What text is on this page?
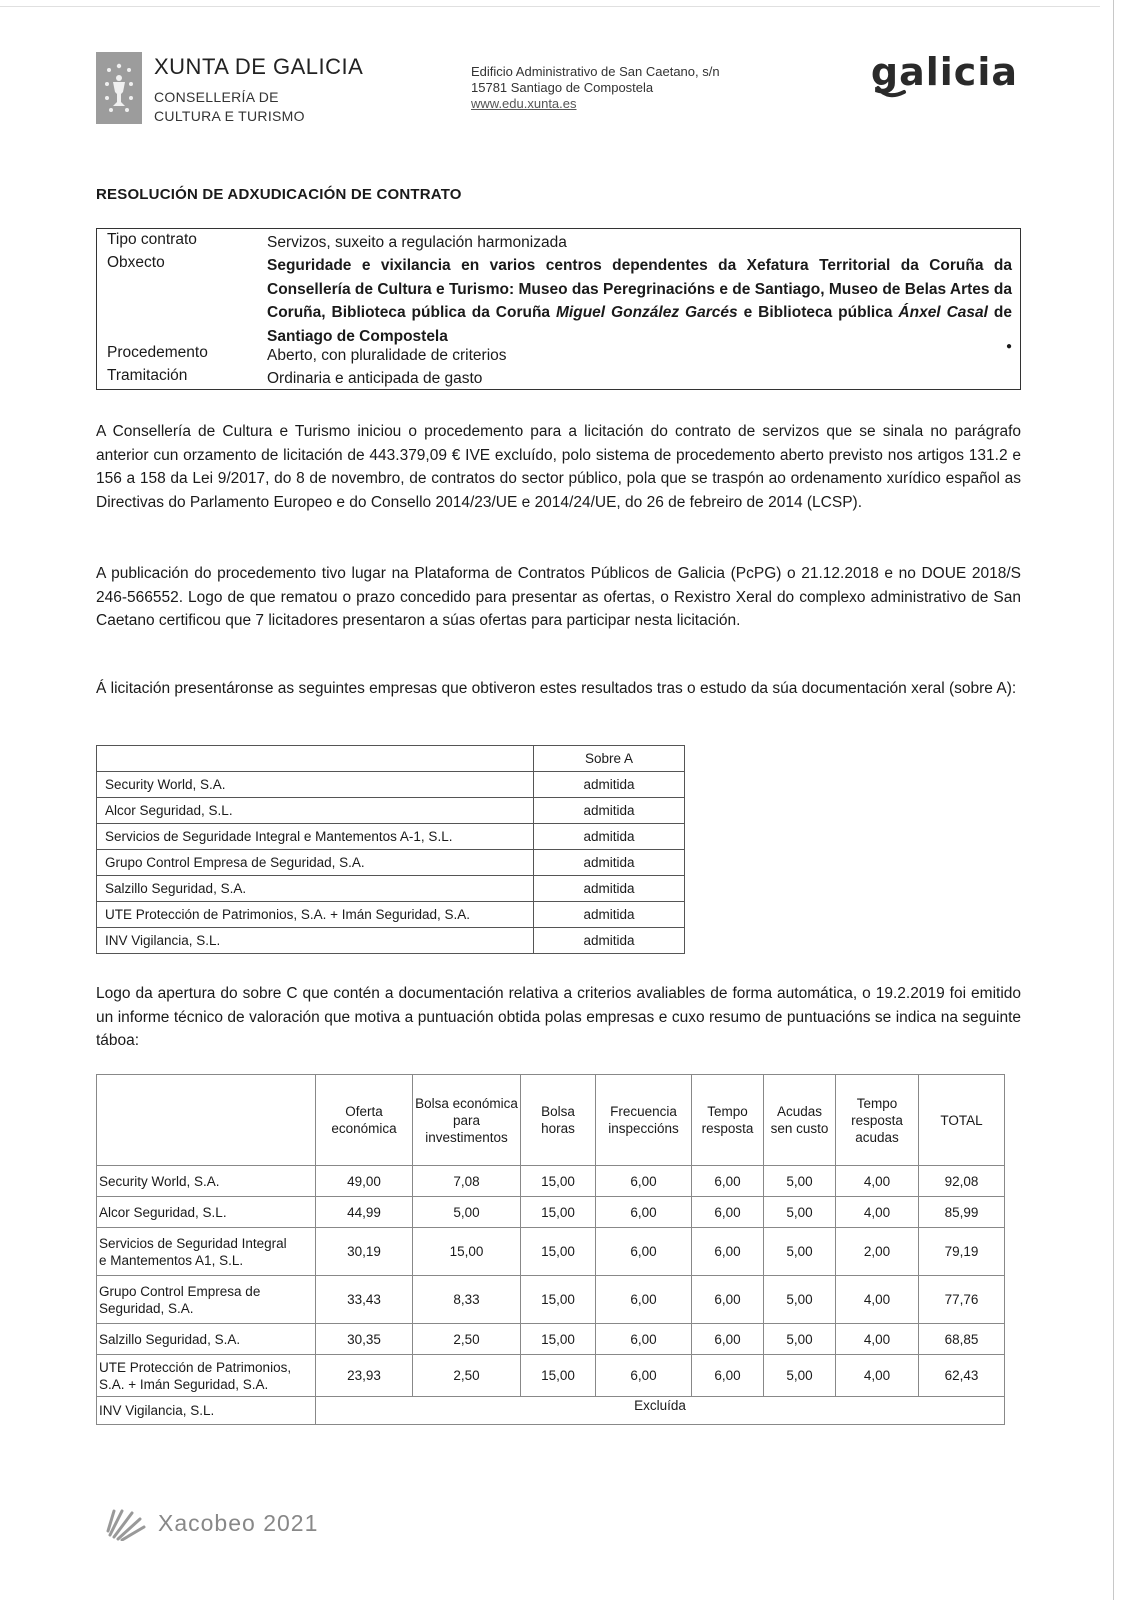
XUNTA DE GALICIA
CONSELLERÍA DE
CULTURA E TURISMO
Edificio Administrativo de San Caetano, s/n
15781 Santiago de Compostela
www.edu.xunta.es
galicia
RESOLUCIÓN DE ADXUDICACIÓN DE CONTRATO
Tipo contrato	Servizos, suxeito a regulación harmonizada
Obxecto	Seguridade e vixilancia en varios centros dependentes da Xefatura Territorial da Coruña da Consellería de Cultura e Turismo: Museo das Peregrinacións e de Santiago, Museo de Belas Artes da Coruña, Biblioteca pública da Coruña Miguel González Garcés e Biblioteca pública Ánxel Casal de Santiago de Compostela
Procedemento	Aberto, con pluralidade de criterios
Tramitación	Ordinaria e anticipada de gasto
●
A Consellería de Cultura e Turismo iniciou o procedemento para a licitación do contrato de servizos que se sinala no parágrafo anterior cun orzamento de licitación de 443.379,09 € IVE excluído, polo sistema de procedemento aberto previsto nos artigos 131.2 e 156 a 158 da Lei 9/2017, do 8 de novembro, de contratos do sector público, pola que se traspón ao ordenamento xurídico español as Directivas do Parlamento Europeo e do Consello 2014/23/UE e 2014/24/UE, do 26 de febreiro de 2014 (LCSP).
A publicación do procedemento tivo lugar na Plataforma de Contratos Públicos de Galicia (PcPG) o 21.12.2018 e no DOUE 2018/S 246-566552. Logo de que rematou o prazo concedido para presentar as ofertas, o Rexistro Xeral do complexo administrativo de San Caetano certificou que 7 licitadores presentaron a súas ofertas para participar nesta licitación.
Á licitación presentáronse as seguintes empresas que obtiveron estes resultados tras o estudo da súa documentación xeral (sobre A):
	Sobre A
Security World, S.A.	admitida
Alcor Seguridad, S.L.	admitida
Servicios de Seguridade Integral e Mantementos A-1, S.L.	admitida
Grupo Control Empresa de Seguridad, S.A.	admitida
Salzillo Seguridad, S.A.	admitida
UTE Protección de Patrimonios, S.A. + Imán Seguridad, S.A.	admitida
INV Vigilancia, S.L.	admitida
Logo da apertura do sobre C que contén a documentación relativa a criterios avaliables de forma automática, o 19.2.2019 foi emitido un informe técnico de valoración que motiva a puntuación obtida polas empresas e cuxo resumo de puntuacións se indica na seguinte táboa:
	Oferta económica	Bolsa económica para investimentos	Bolsa horas	Frecuencia inspeccións	Tempo resposta	Acudas sen custo	Tempo resposta acudas	TOTAL
Security World, S.A.	49,00	7,08	15,00	6,00	6,00	5,00	4,00	92,08
Alcor Seguridad, S.L.	44,99	5,00	15,00	6,00	6,00	5,00	4,00	85,99

Servicios de Seguridad Integral
e Mantementos A1, S.L.	30,19	15,00	15,00	6,00	6,00	5,00	2,00	79,19

Grupo Control Empresa de
Seguridad, S.A.	33,43	8,33	15,00	6,00	6,00	5,00	4,00	77,76
Salzillo Seguridad, S.A.	30,35	2,50	15,00	6,00	6,00	5,00	4,00	68,85

UTE Protección de Patrimonios,
S.A. + Imán Seguridad, S.A.	23,93	2,50	15,00	6,00	6,00	5,00	4,00	62,43
INV Vigilancia, S.L.	Excluída							
Xacobeo 2021
